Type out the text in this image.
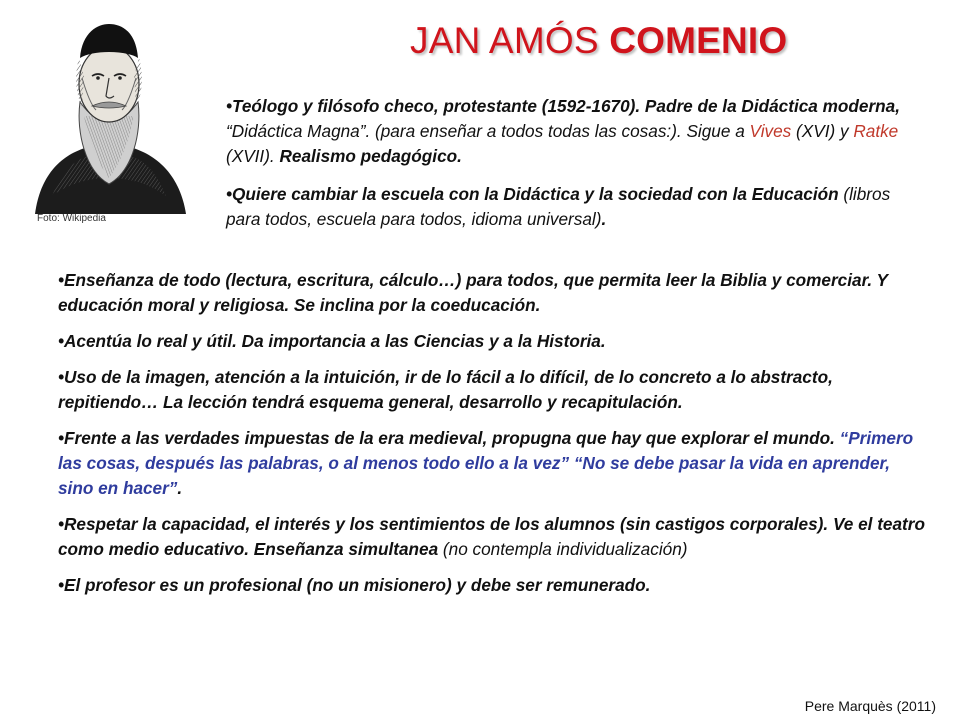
Foto: Wikipedia
JAN AMÓS COMENIO

•Teólogo y filósofo checo, protestante (1592-1670). Padre de la Didáctica moderna, “Didáctica Magna”. (para enseñar a todos todas las cosas:). Sigue a Vives (XVI) y Ratke (XVII). Realismo pedagógico.

•Quiere cambiar la escuela con la Didáctica y la sociedad con la Educación (libros para todos, escuela para todos, idioma universal).

•Enseñanza de todo (lectura, escritura, cálculo…) para todos, que permita leer la Biblia y comerciar. Y educación moral y religiosa. Se inclina por la coeducación.

•Acentúa lo real y útil. Da importancia a las Ciencias y a la Historia.

•Uso de la imagen, atención a la intuición, ir de lo fácil a lo difícil, de lo concreto a lo abstracto, repitiendo… La lección tendrá esquema general, desarrollo y recapitulación.

•Frente a las verdades impuestas de la era medieval, propugna que hay que explorar el mundo. “Primero las cosas, después las palabras, o al menos todo ello a la vez” “No se debe pasar la vida en aprender, sino en hacer”.

•Respetar la capacidad, el interés y los sentimientos de los alumnos (sin castigos corporales). Ve el teatro como medio educativo. Enseñanza simultanea (no contempla individualización)

•El profesor es un profesional (no un misionero) y debe ser remunerado.

Pere Marquès (2011)
